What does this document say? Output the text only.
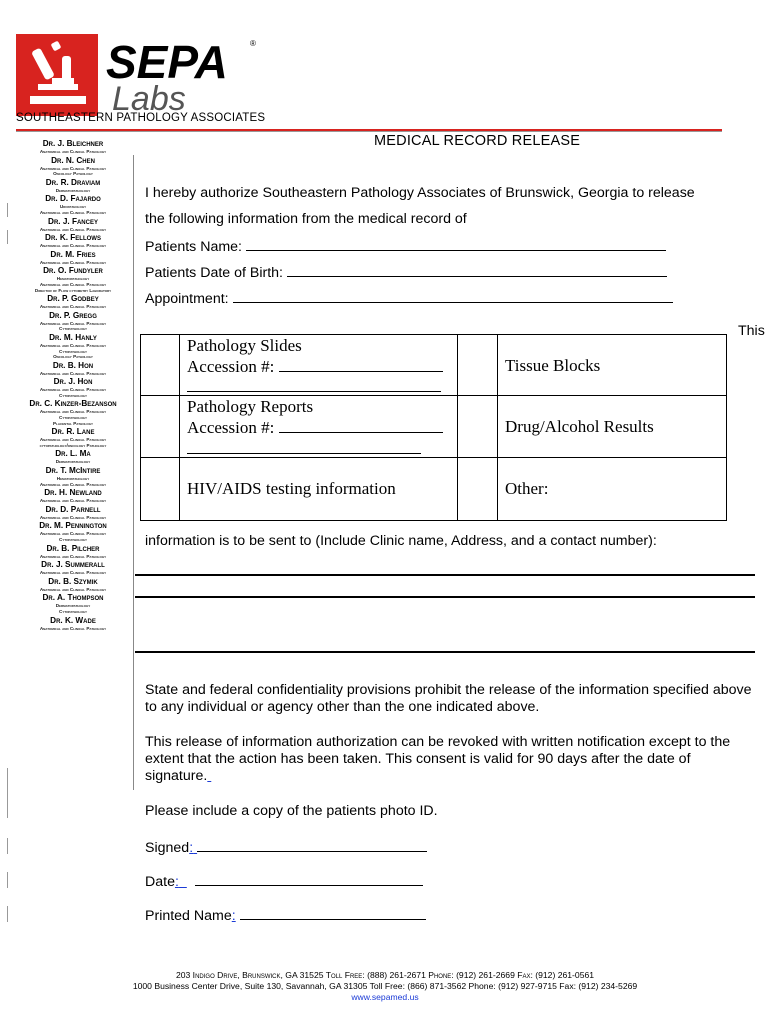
SEPA	®
Labs
SOUTHEASTERN PATHOLOGY ASSOCIATES
MEDICAL RECORD RELEASE
Dr. J. Bleichner
Anatomical and Clinical Pathology
Dr. N. Chen
Anatomical and Clinical Pathology
Oncology Pathology
Dr. R. Draviam
Dermatopathology
Dr. D. Fajardo
Uropathology
Anatomical and Clinical Pathology
Dr. J. Fancey
Anatomical and Clinical Pathology
Dr. K. Fellows
Anatomical and Clinical Pathology
Dr. M. Fries
Anatomical and Clinical Pathology
Dr. O. Fundyler
Hematopathology
Anatomical and Clinical Pathology
Director of Flow cytometry Laboratory
Dr. P. Godbey
Anatomical and Clinical Pathology
Dr. P. Gregg
Anatomical and Clinical Pathology
Cytopathology
Dr. M. Hanly
Anatomical and Clinical Pathology
Cytopathology
Oncology Pathology
Dr. B. Hon
Anatomical and Clinical Pathology
Dr. J. Hon
Anatomical and Clinical Pathology
Cytopathology
Dr. C. Kinzer-Bezanson
Anatomical and Clinical Pathology
Cytopathology
Placental Pathology
Dr. R. Lane
Anatomical and Clinical Pathology
cytopathology/oncology Pathology
Dr. L. Ma
Dermatopathology
Dr. T. McIntire
Hematopathology
Anatomical and Clinical Pathology
Dr. H. Newland
Anatomical and Clinical Pathology
Dr. D. Parnell
Anatomical and Clinical Pathology
Dr. M. Pennington
Anatomical and Clinical Pathology
Cytopathology
Dr. B. Pilcher
Anatomical and Clinical Pathology
Dr. J. Summerall
Anatomical and Clinical Pathology
Dr. B. Szymik
Anatomical and Clinical Pathology
Dr. A. Thompson
Dermatopathology
Cytopathology
Dr. K. Wade
Anatomical and Clinical Pathology
I hereby authorize Southeastern Pathology Associates of Brunswick, Georgia to release
the following information from the medical record of
Patients Name:
Patients Date of Birth:
Appointment:
This
Pathology Slides
Accession #:	Tissue Blocks
Pathology Reports
Accession #:	Drug/Alcohol Results
HIV/AIDS testing information	Other:
information is to be sent to (Include Clinic name, Address, and a contact number):
State and federal confidentiality provisions prohibit the release of the information specified above to any individual or agency other than the one indicated above.
This release of information authorization can be revoked with written notification except to the extent that the action has been taken. This consent is valid for 90 days after the date of signature.
Please include a copy of the patients photo ID.
Signed:
Date:
Printed Name:
203 Indigo Drive, Brunswick, GA 31525 Toll Free: (888) 261-2671 Phone: (912) 261-2669 Fax: (912) 261-0561
1000 Business Center Drive, Suite 130, Savannah, GA 31305 Toll Free: (866) 871-3562 Phone: (912) 927-9715 Fax: (912) 234-5269
www.sepamed.us
